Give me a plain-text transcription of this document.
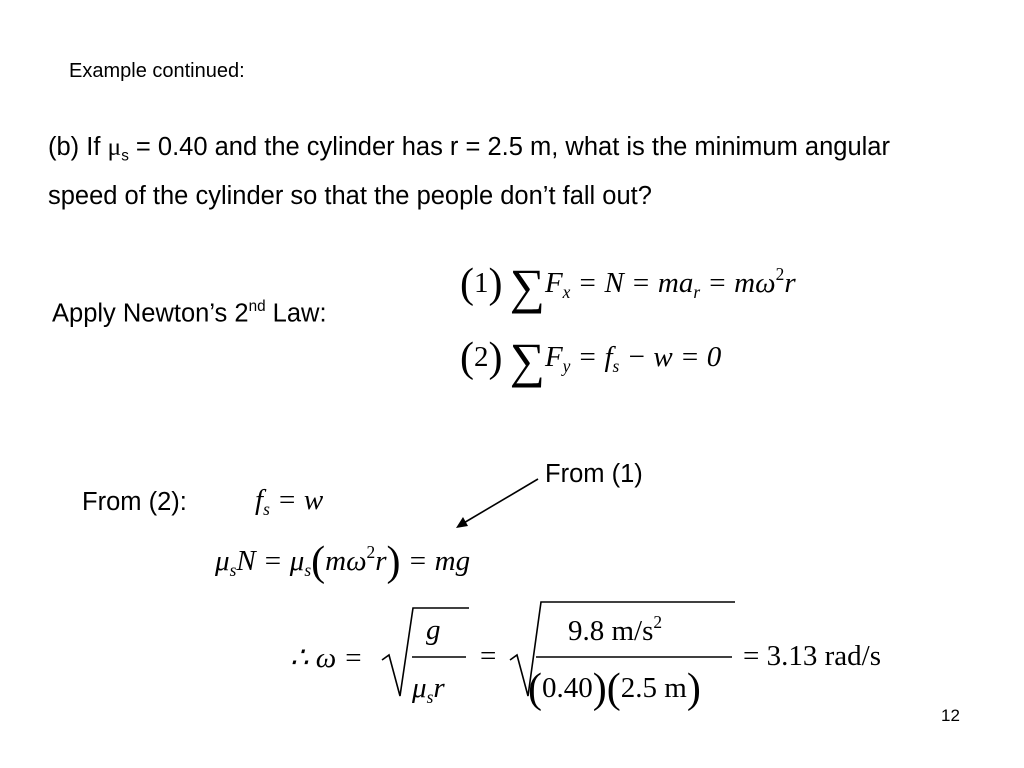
Example continued:
(b) If $\mu_s = 0.40$ and the cylinder has r = 2.5 m, what is the minimum angular speed of the cylinder so that the people don’t fall out?
Apply Newton’s 2nd Law:
(1) $\sum F_x = N = ma_r = m\omega^2r$
(2) $\sum F_y = f_s - w = 0$
From (1)
From (2): $f_s = w$
$\mu_sN = \mu_s(m\omega^2r)$ = mg
∴ ω =
g
$\mu_sr$
=
9.8 $m/s^2$
(0.40)(2.5 m)
= 3.13 rad/s
12
